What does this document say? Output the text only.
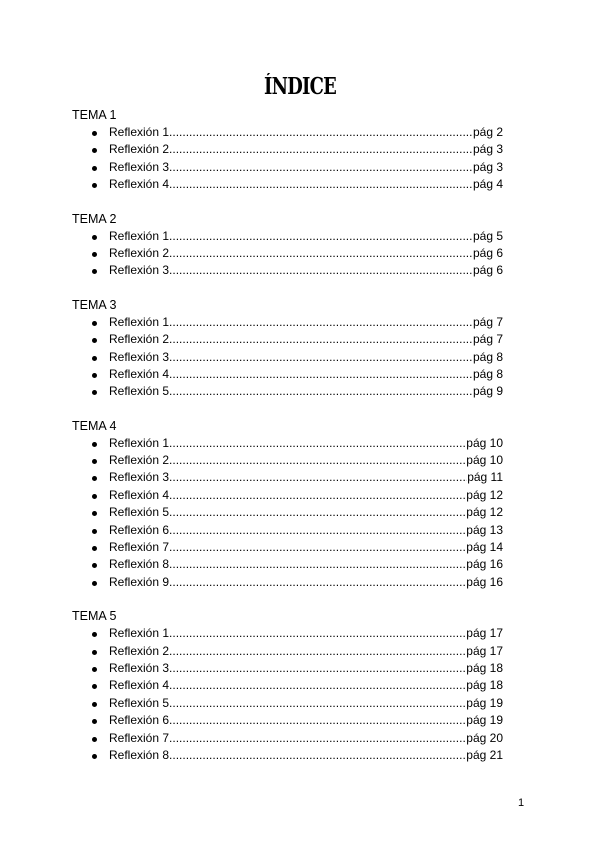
ÍNDICE
TEMA 1
Reflexión 1 .....	pág 2
Reflexión 2 .....	pág 3
Reflexión 3 .....	pág 3
Reflexión 4 .....	pág 4
TEMA 2
Reflexión 1 .....	pág 5
Reflexión 2 .....	pág 6
Reflexión 3 .....	pág 6
TEMA 3
Reflexión 1 .....	pág 7
Reflexión 2 .....	pág 7
Reflexión 3 .....	pág 8
Reflexión 4 .....	pág 8
Reflexión 5 .....	pág 9
TEMA 4
Reflexión 1 .....	pág 10
Reflexión 2 .....	pág 10
Reflexión 3 .....	pág 11
Reflexión 4 .....	pág 12
Reflexión 5 .....	pág 12
Reflexión 6 .....	pág 13
Reflexión 7 .....	pág 14
Reflexión 8 .....	pág 16
Reflexión 9 .....	pág 16
TEMA 5
Reflexión 1 .....	pág 17
Reflexión 2 .....	pág 17
Reflexión 3 .....	pág 18
Reflexión 4 .....	pág 18
Reflexión 5 .....	pág 19
Reflexión 6 .....	pág 19
Reflexión 7 .....	pág 20
Reflexión 8 .....	pág 21
1
